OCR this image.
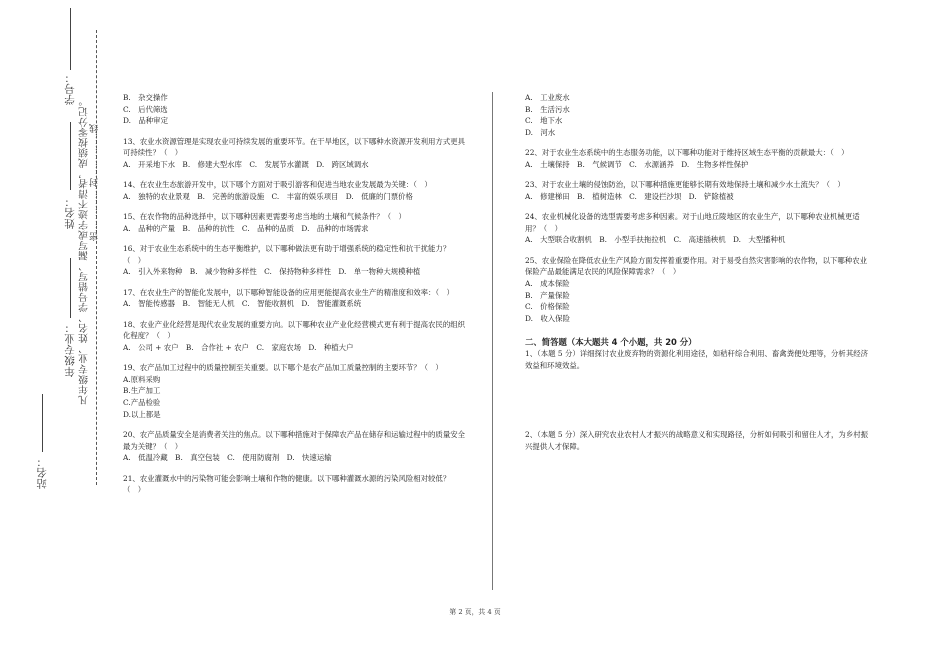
学号：
姓名：
年级专业：
站名：
凡年级专业、姓名、学号错写、漏写或字迹不清者，成绩按零分记。 密……………封……………线
B.　杂交操作
C.　后代筛选
D.　品种审定
13、农业水资源管理是实现农业可持续发展的重要环节。在干旱地区，以下哪种水资源开发利用方式更具可持续性？（　）
A.　开采地下水　B.　修建大型水库　C.　发展节水灌溉　D.　跨区域调水
14、在农业生态旅游开发中，以下哪个方面对于吸引游客和促进当地农业发展最为关键：（　）
A.　独特的农业景观　B.　完善的旅游设施　C.　丰富的娱乐项目　D.　低廉的门票价格
15、在农作物的品种选择中，以下哪种因素更需要考虑当地的土壤和气候条件？（　）
A.　品种的产量　B.　品种的抗性　C.　品种的品质　D.　品种的市场需求
16、对于农业生态系统中的生态平衡维护，以下哪种做法更有助于增强系统的稳定性和抗干扰能力？（　）
A.　引入外来物种　B.　减少物种多样性　C.　保持物种多样性　D.　单一物种大规模种植
17、在农业生产的智能化发展中，以下哪种智能设备的应用更能提高农业生产的精准度和效率：（　）
A.　智能传感器　B.　智能无人机　C.　智能收割机　D.　智能灌溉系统
18、农业产业化经营是现代农业发展的重要方向。以下哪种农业产业化经营模式更有利于提高农民的组织化程度？（　）
A.　公司 + 农户　B.　合作社 + 农户　C.　家庭农场　D.　种植大户
19、农产品加工过程中的质量控制至关重要。以下哪个是农产品加工质量控制的主要环节？（　）
A.原料采购
B.生产加工
C.产品检验
D.以上都是
20、农产品质量安全是消费者关注的焦点。以下哪种措施对于保障农产品在储存和运输过程中的质量安全最为关键？（　）
A.　低温冷藏　B.　真空包装　C.　使用防腐剂　D.　快速运输
21、农业灌溉水中的污染物可能会影响土壤和作物的健康。以下哪种灌溉水源的污染风险相对较低？（　）
A.　工业废水
B.　生活污水
C.　地下水
D.　河水
22、对于农业生态系统中的生态服务功能，以下哪种功能对于维持区域生态平衡的贡献最大：（　）
A.　土壤保持　B.　气候调节　C.　水源涵养　D.　生物多样性保护
23、对于农业土壤的侵蚀防治，以下哪种措施更能够长期有效地保持土壤和减少水土流失？（　）
A.　修建梯田　B.　植树造林　C.　建设拦沙坝　D.　铲除植被
24、农业机械化设备的选型需要考虑多种因素。对于山地丘陵地区的农业生产，以下哪种农业机械更适用？（　）
A.　大型联合收割机　B.　小型手扶拖拉机　C.　高速插秧机　D.　大型播种机
25、农业保险在降低农业生产风险方面发挥着重要作用。对于易受自然灾害影响的农作物，以下哪种农业保险产品最能满足农民的风险保障需求？（　）
A.　成本保险
B.　产量保险
C.　价格保险
D.　收入保险

二、简答题（本大题共 4 个小题，共 20 分）

1、（本题 5 分）详细探讨农业废弃物的资源化利用途径，如秸秆综合利用、畜禽粪便处理等，分析其经济效益和环境效益。
2、（本题 5 分）深入研究农业农村人才振兴的战略意义和实现路径，分析如何吸引和留住人才，为乡村振兴提供人才保障。
第 2 页，共 4 页
